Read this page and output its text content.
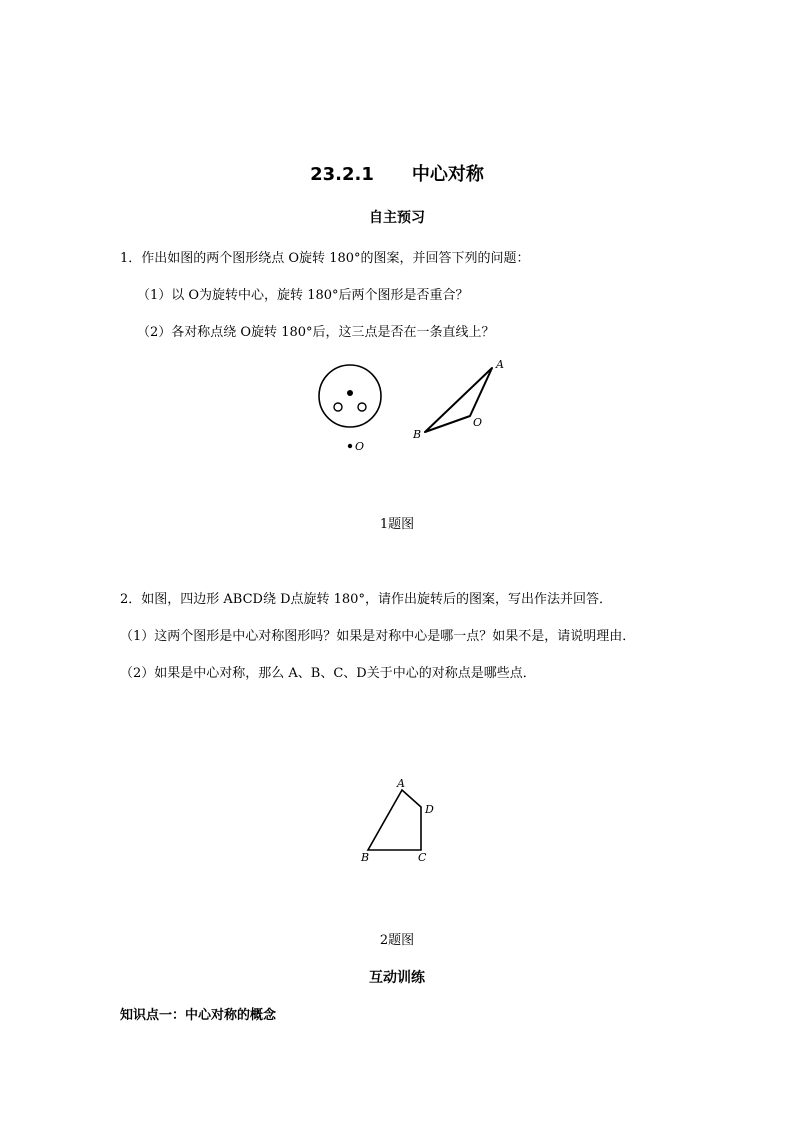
23.2.1 中心对称
自主预习
1．作出如图的两个图形绕点 O旋转 180°的图案，并回答下列的问题：
（1）以 O为旋转中心，旋转 180°后两个图形是否重合？
（2）各对称点绕 O旋转 180°后，这三点是否在一条直线上？
O
A
B
O
1题图
2．如图，四边形 ABCD绕 D点旋转 180°，请作出旋转后的图案，写出作法并回答．
（1）这两个图形是中心对称图形吗？如果是对称中心是哪一点？如果不是，请说明理由．
（2）如果是中心对称，那么 A、B、C、D关于中心的对称点是哪些点．
A
B	C
D
2题图
互动训练
知识点一：中心对称的概念
